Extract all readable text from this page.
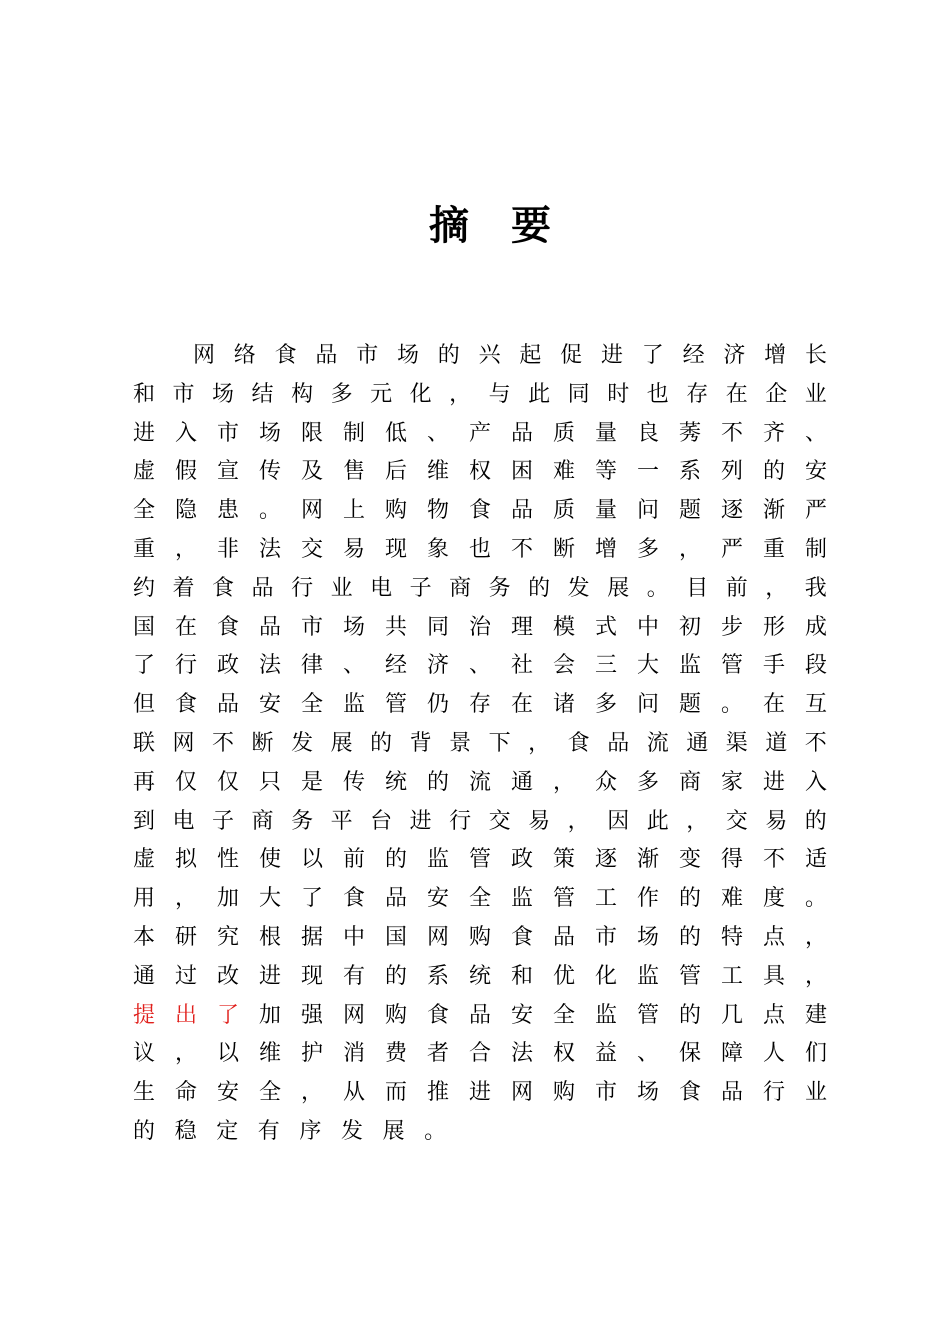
摘 要
网 络 食 品 市 场 的 兴 起 促 进 了 经 济 增 长
和 市 场 结 构 多 元 化 ， 与 此 同 时 也 存 在 企 业
进 入 市 场 限 制 低 、 产 品 质 量 良 莠 不 齐 、
虚 假 宣 传 及 售 后 维 权 困 难 等 一 系 列 的 安
全 隐 患 。 网 上 购 物 食 品 质 量 问 题 逐 渐 严
重 ， 非 法 交 易 现 象 也 不 断 增 多 ， 严 重 制
约 着 食 品 行 业 电 子 商 务 的 发 展 。 目 前 ， 我
国 在 食 品 市 场 共 同 治 理 模 式 中 初 步 形 成
了 行 政 法 律 、 经 济 、 社 会 三 大 监 管 手 段
但 食 品 安 全 监 管 仍 存 在 诸 多 问 题 。 在 互
联 网 不 断 发 展 的 背 景 下 ， 食 品 流 通 渠 道 不
再 仅 仅 只 是 传 统 的 流 通 ， 众 多 商 家 进 入
到 电 子 商 务 平 台 进 行 交 易 ， 因 此 ， 交 易 的
虚 拟 性 使 以 前 的 监 管 政 策 逐 渐 变 得 不 适
用 ， 加 大 了 食 品 安 全 监 管 工 作 的 难 度 。
本 研 究 根 据 中 国 网 购 食 品 市 场 的 特 点 ，
通 过 改 进 现 有 的 系 统 和 优 化 监 管 工 具 ，
提 出 了 加 强 网 购 食 品 安 全 监 管 的 几 点 建
议 ， 以 维 护 消 费 者 合 法 权 益 、 保 障 人 们
生 命 安 全 ， 从 而 推 进 网 购 市 场 食 品 行 业
的 稳 定 有 序 发 展 。
